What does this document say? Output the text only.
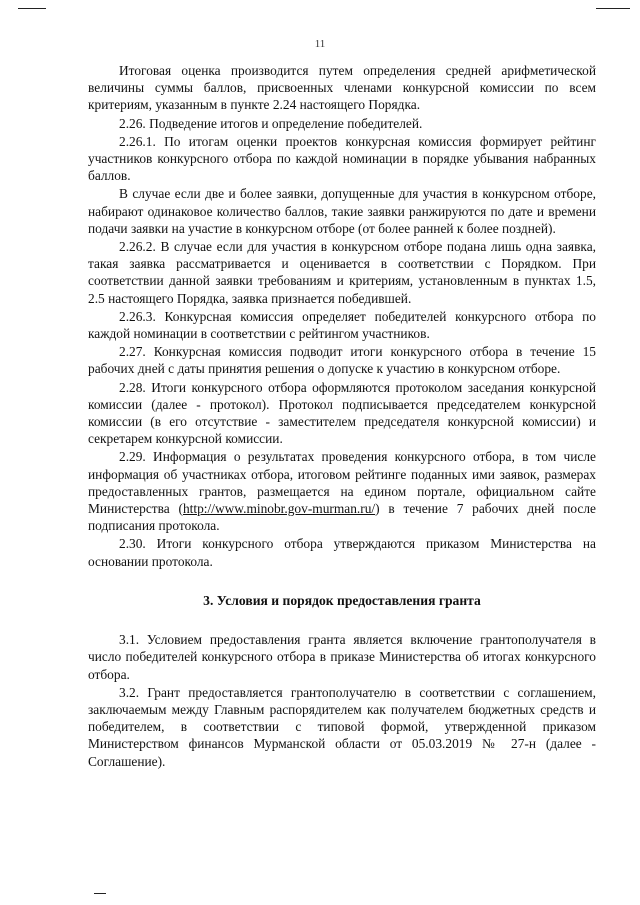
11

Итоговая оценка производится путем определения средней арифметической величины суммы баллов, присвоенных членами конкурсной комиссии по всем критериям, указанным в пункте 2.24 настоящего Порядка.

2.26. Подведение итогов и определение победителей.

2.26.1. По итогам оценки проектов конкурсная комиссия формирует рейтинг участников конкурсного отбора по каждой номинации в порядке убывания набранных баллов.

В случае если две и более заявки, допущенные для участия в конкурсном отборе, набирают одинаковое количество баллов, такие заявки ранжируются по дате и времени подачи заявки на участие в конкурсном отборе (от более ранней к более поздней).

2.26.2. В случае если для участия в конкурсном отборе подана лишь одна заявка, такая заявка рассматривается и оценивается в соответствии с Порядком. При соответствии данной заявки требованиям и критериям, установленным в пунктах 1.5, 2.5 настоящего Порядка, заявка признается победившей.

2.26.3. Конкурсная комиссия определяет победителей конкурсного отбора по каждой номинации в соответствии с рейтингом участников.

2.27. Конкурсная комиссия подводит итоги конкурсного отбора в течение 15 рабочих дней с даты принятия решения о допуске к участию в конкурсном отборе.

2.28. Итоги конкурсного отбора оформляются протоколом заседания конкурсной комиссии (далее - протокол). Протокол подписывается председателем конкурсной комиссии (в его отсутствие - заместителем председателя конкурсной комиссии) и секретарем конкурсной комиссии.

2.29. Информация о результатах проведения конкурсного отбора, в том числе информация об участниках отбора, итоговом рейтинге поданных ими заявок, размерах предоставленных грантов, размещается на едином портале, официальном сайте Министерства (http://www.minobr.gov-murman.ru/) в течение 7 рабочих дней после подписания протокола.

2.30. Итоги конкурсного отбора утверждаются приказом Министерства на основании протокола.

3. Условия и порядок предоставления гранта

3.1. Условием предоставления гранта является включение грантополучателя в число победителей конкурсного отбора в приказе Министерства об итогах конкурсного отбора.

3.2. Грант предоставляется грантополучателю в соответствии с соглашением, заключаемым между Главным распорядителем как получателем бюджетных средств и победителем, в соответствии с типовой формой, утвержденной приказом Министерством финансов Мурманской области от 05.03.2019 № 27-н (далее - Соглашение).
